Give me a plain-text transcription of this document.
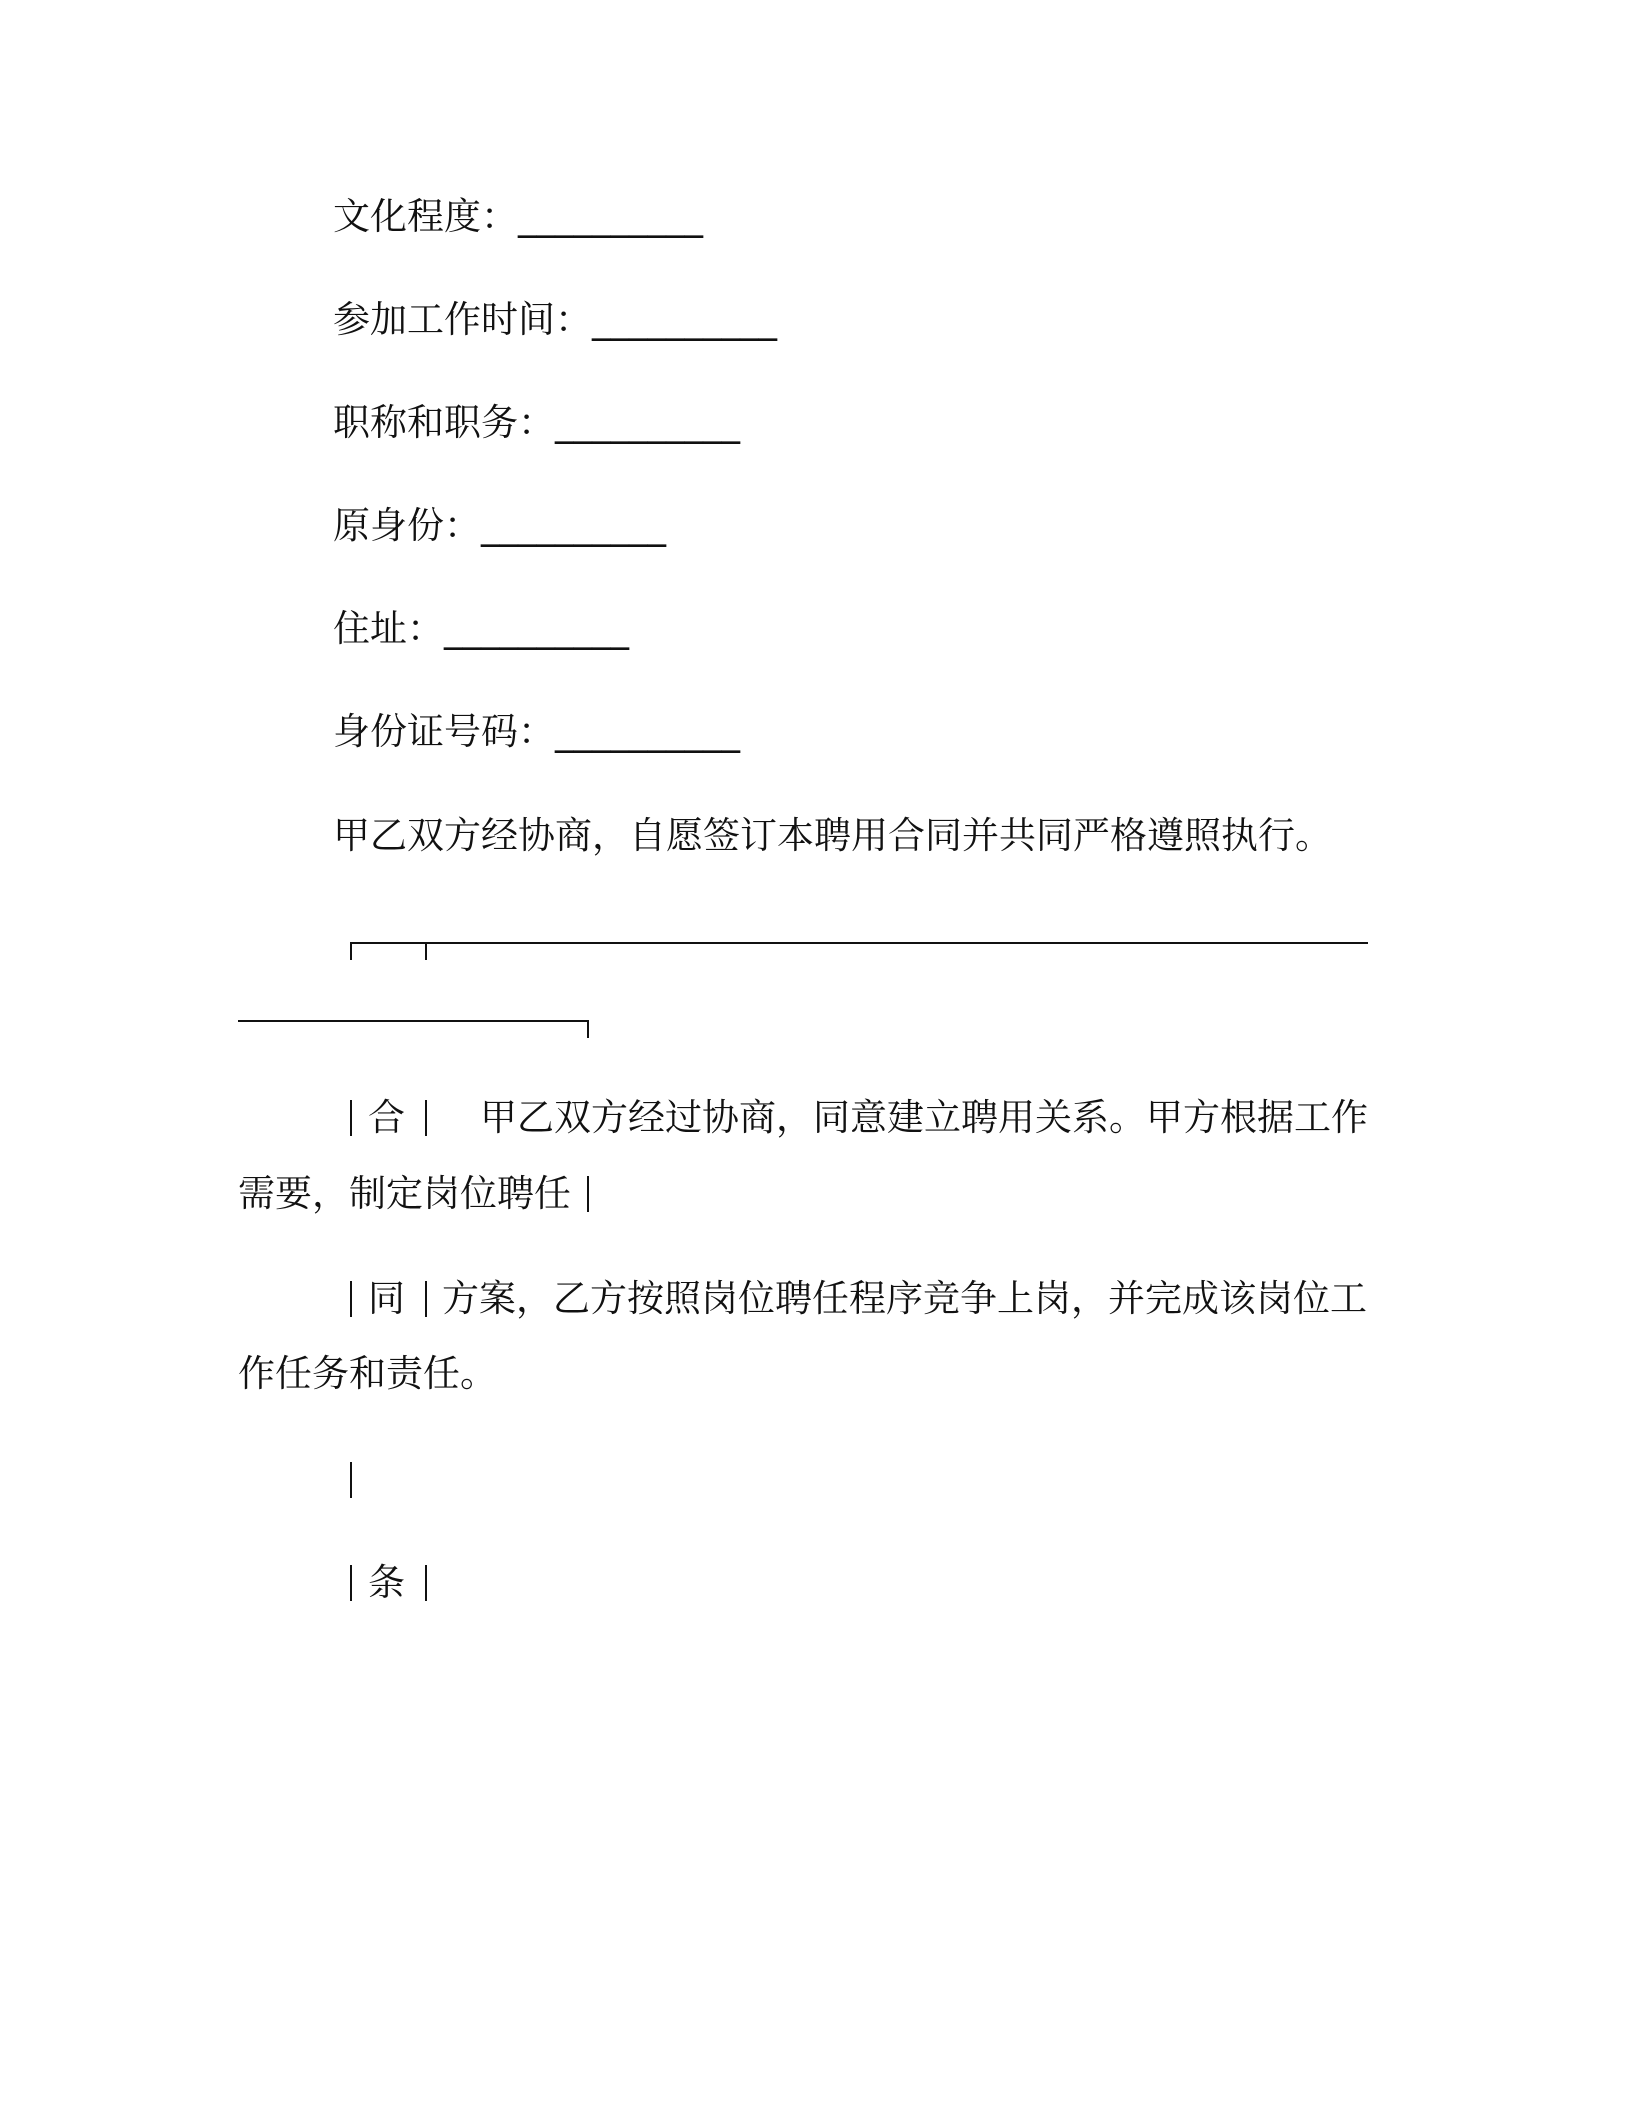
文化程度：__________
参加工作时间：__________
职称和职务：__________
原身份：__________
住址：__________
身份证号码：__________
甲乙双方经协商，自愿签订本聘用合同并共同严格遵照执行。
合 甲乙双方经过协商，同意建立聘用关系。甲方根据工作
需要，制定岗位聘任
同 方案，乙方按照岗位聘任程序竞争上岗，并完成该岗位工
作任务和责任。
条
